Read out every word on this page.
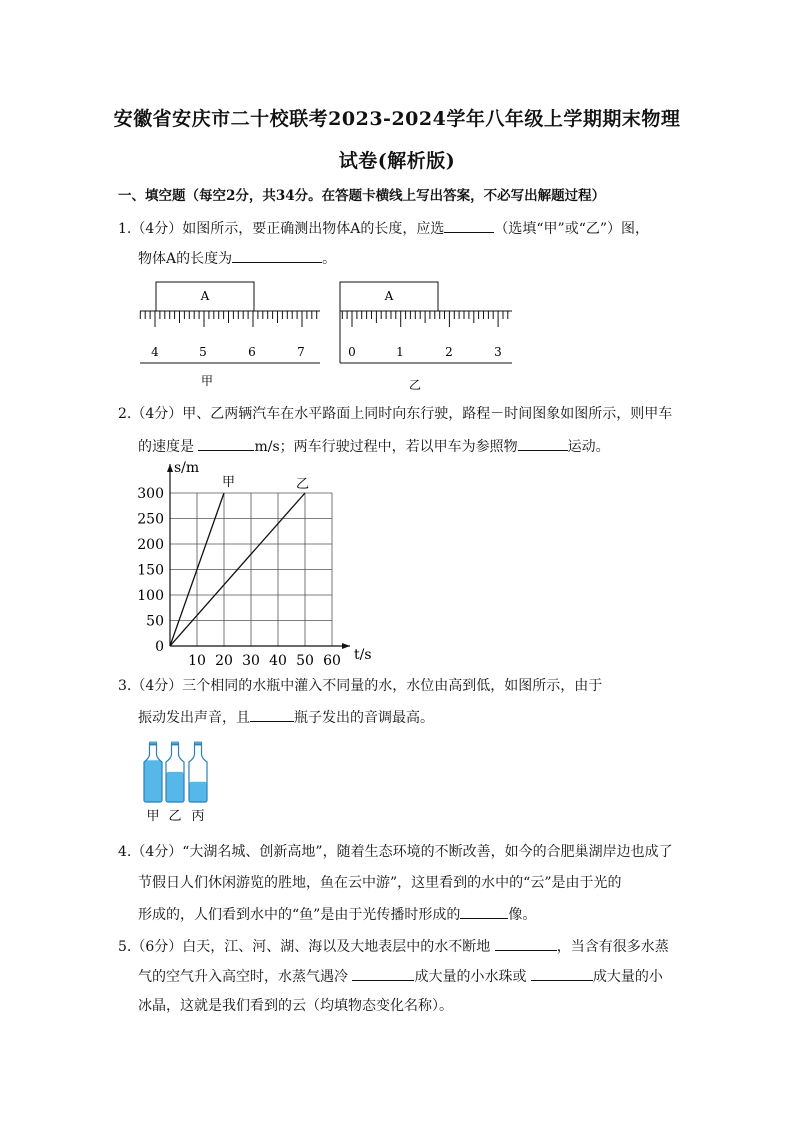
安徽省安庆市二十校联考2023-2024学年八年级上学期期末物理
试卷(解析版)
一、填空题（每空2分，共34分。在答题卡横线上写出答案，不必写出解题过程）
1.（4分）如图所示，要正确测出物体A的长度，应选	（选填“甲”或“乙”）图，
物体A的长度为	。
A
4	5	6	7
甲
A
0	1	2	3
乙
2.（4分）甲、乙两辆汽车在水平路面上同时向东行驶，路程－时间图象如图所示，则甲车
的速度是	m/s；两车行驶过程中，若以甲车为参照物	运动。
10 20 30 40 50 60
0
50
100
150
200
250
300
s/m
t/s
甲	乙
3.（4分）三个相同的水瓶中灌入不同量的水，水位由高到低，如图所示，由于
振动发出声音，且	瓶子发出的音调最高。
甲 乙 丙
4.（4分）“大湖名城、创新高地”，随着生态环境的不断改善，如今的合肥巢湖岸边也成了
节假日人们休闲游览的胜地，鱼在云中游”，这里看到的水中的“云”是由于光的
形成的，人们看到水中的“鱼”是由于光传播时形成的	像。
5.（6分）白天，江、河、湖、海以及大地表层中的水不断地	，当含有很多水蒸
气的空气升入高空时，水蒸气遇冷	成大量的小水珠或	成大量的小
冰晶，这就是我们看到的云（均填物态变化名称）。
